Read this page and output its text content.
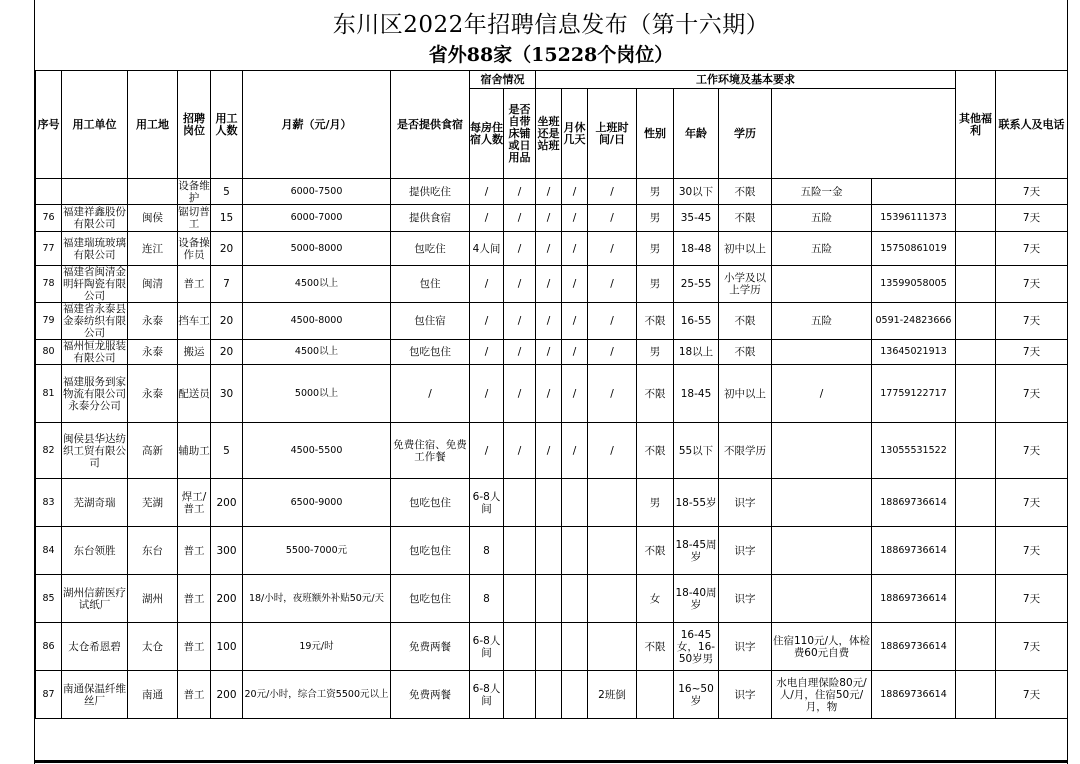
东川区2022年招聘信息发布（第十六期）
省外88家（15228个岗位）
序号	用工单位	用工地	招聘岗位	用工人数	月薪（元/月）	是否提供食宿	宿舍情况		工作环境及基本要求								其他福利	联系人及电话		
							每房住宿人数	是否自带床铺或日用品	坐班还是站班	月休几天	上班时间/日	性别	年龄	学历					
			设备维护	5	6000-7500	提供吃住	/	/	/	/	/	男	30以下	不限	五险一金			7天	
76	福建祥鑫股份有限公司	闽侯	锯切普工	15	6000-7000	提供食宿	/	/	/	/	/	男	35-45	不限	五险	15396111373		7天	
77	福建瑞琉玻璃有限公司	连江	设备操作员	20	5000-8000	包吃住	4人间	/	/	/	/	男	18-48	初中以上	五险	15750861019		7天	
78	福建省闽清金明轩陶瓷有限公司	闽清	普工	7	4500以上	包住	/	/	/	/	/	男	25-55	小学及以上学历		13599058005		7天	
79	福建省永泰县金泰纺织有限公司	永泰	挡车工	20	4500-8000	包住宿	/	/	/	/	/	不限	16-55	不限	五险	0591-24823666		7天	
80	福州恒龙服装有限公司	永泰	搬运	20	4500以上	包吃包住	/	/	/	/	/	男	18以上	不限		13645021913		7天	
81	福建服务到家物流有限公司永泰分公司	永泰	配送员	30	5000以上	/	/	/	/	/	/	不限	18-45	初中以上	/	17759122717		7天	
82	闽侯县华达纺织工贸有限公司	高新	辅助工	5	4500-5500	免费住宿、免费工作餐	/	/	/	/	/	不限	55以下	不限学历		13055531522		7天	
83	芜湖奇瑞	芜湖	焊工/普工	200	6500-9000	包吃包住	6-8人间					男	18-55岁	识字		18869736614		7天	
84	东台领胜	东台	普工	300	5500-7000元	包吃包住	8					不限	18-45周岁	识字		18869736614		7天	
85	湖州信薪医疗试纸厂	湖州	普工	200	18/小时，夜班额外补贴50元/天	包吃包住	8					女	18-40周岁	识字		18869736614		7天	
86	太仓希恩碧	太仓	普工	100	19元/时	免费两餐	6-8人间					不限	16-45女，16-50岁男	识字	住宿110元/人，体检费60元自费	18869736614		7天	
87	南通保温纤维丝厂	南通	普工	200	20元/小时，综合工资5500元以上	免费两餐	6-8人间				2班倒		16~50岁	识字	水电自理保险80元/人/月，住宿50元/月，物	18869736614		7天	
